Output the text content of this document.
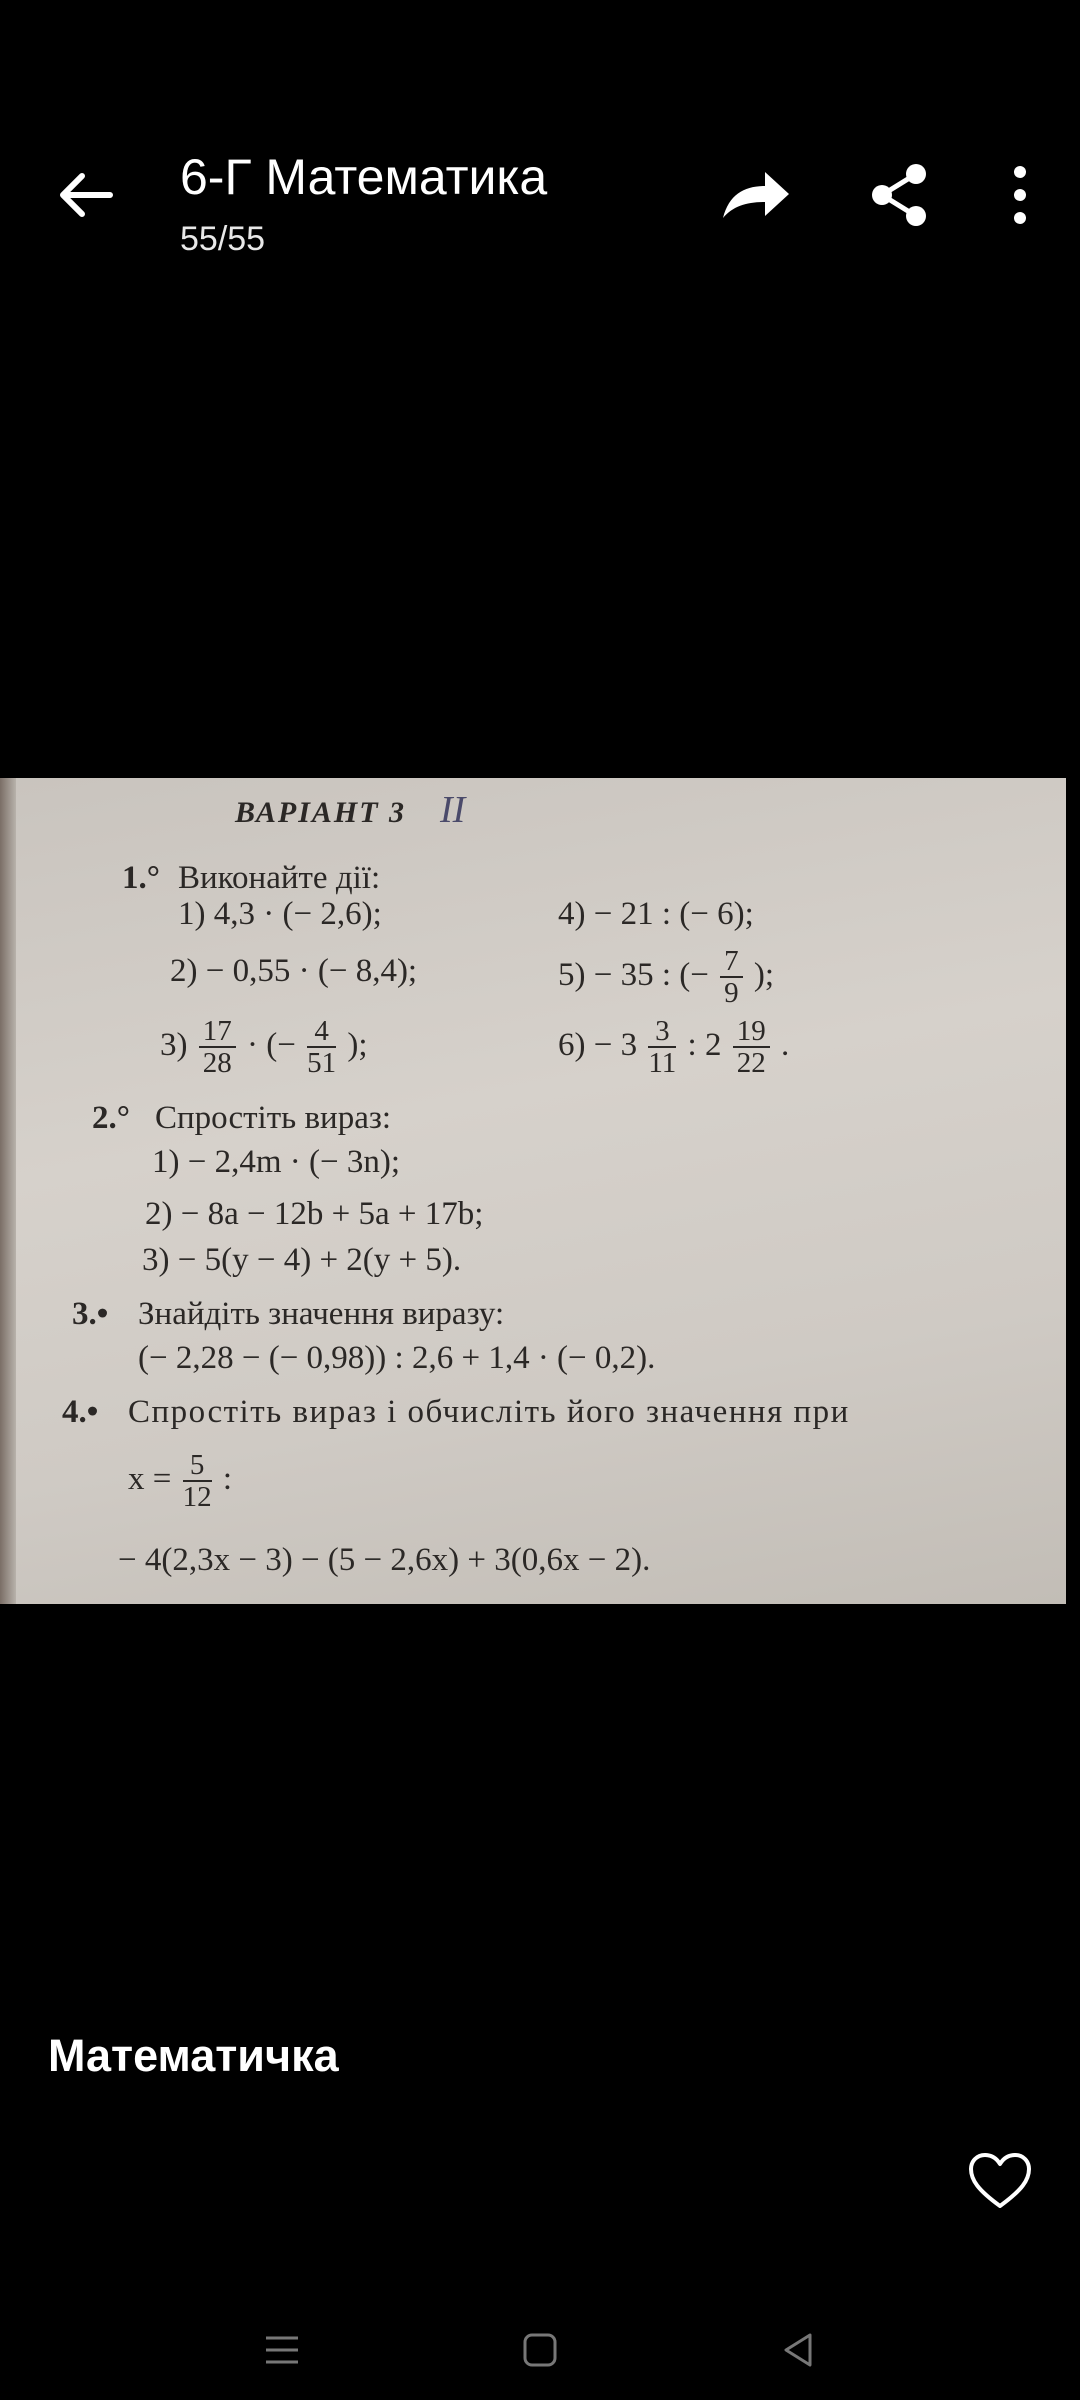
6-Г Математика
55/55
ВАРІАНТ 3 II
1.° Виконайте дії:
1) 4,3 · (− 2,6);
2) − 0,55 · (− 8,4);
$3) \frac{17}{28}$ · (− $\frac{4}{51}$ );
4) − 21 : (− 6);
5) − 35 : (− $\frac{7}{9}$ );
$6) - 3 \frac{3}{11}$ : $2 \frac{19}{22}$ .
2.° Спростіть вираз:
1) − 2,4m · (− 3n);
2) − 8a − 12b + 5a + 17b;
3) − 5(y − 4) + 2(y + 5).
3.• Знайдіть значення виразу:
(− 2,28 − (− 0,98)) : 2,6 + 1,4 · (− 0,2).
4.• Спростіть вираз і обчисліть його значення при
$x = \frac{5}{12}$ :
− 4(2,3x − 3) − (5 − 2,6x) + 3(0,6x − 2).
Математичка
